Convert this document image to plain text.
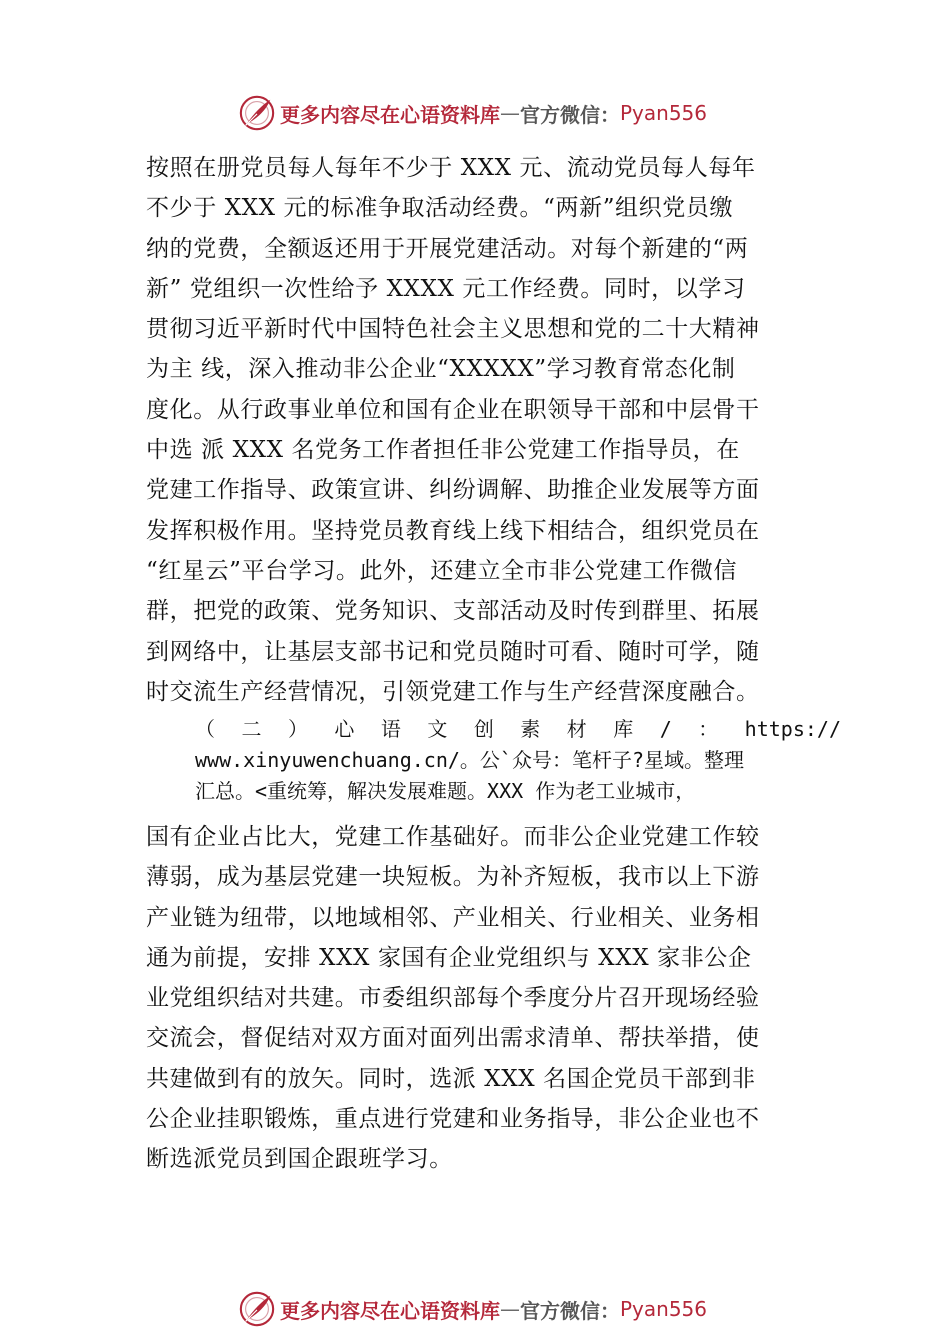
更多内容尽在心语资料库 — 官方微信： Pyan556

按照在册党员每人每年不少于 XXX 元、流动党员每人每年

不少于 XXX 元的标准争取活动经费。“两新”组织党员缴

纳的党费，全额返还用于开展党建活动。对每个新建的“两

新” 党组织一次性给予 XXXX 元工作经费。同时，以学习

贯彻习近平新时代中国特色社会主义思想和党的二十大精神

为主 线，深入推动非公企业“XXXXX”学习教育常态化制

度化。从行政事业单位和国有企业在职领导干部和中层骨干

中选 派 XXX 名党务工作者担任非公党建工作指导员，在

党建工作指导、政策宣讲、纠纷调解、助推企业发展等方面

发挥积极作用。坚持党员教育线上线下相结合，组织党员在

“红星云”平台学习。此外，还建立全市非公党建工作微信

群，把党的政策、党务知识、支部活动及时传到群里、拓展

到网络中，让基层支部书记和党员随时可看、随时可学，随

时交流生产经营情况，引领党建工作与生产经营深度融合。

（ 二 ） 心 语 文 创 素 材 库 / ： https://

www.xinyuwenchuang.cn/。公`众号：笔杆子?星域。整理

汇总。<重统筹，解决发展难题。XXX 作为老工业城市，

国有企业占比大，党建工作基础好。而非公企业党建工作较

薄弱，成为基层党建一块短板。为补齐短板，我市以上下游

产业链为纽带，以地域相邻、产业相关、行业相关、业务相

通为前提，安排 XXX 家国有企业党组织与 XXX 家非公企

业党组织结对共建。市委组织部每个季度分片召开现场经验

交流会，督促结对双方面对面列出需求清单、帮扶举措，使

共建做到有的放矢。同时，选派 XXX 名国企党员干部到非

公企业挂职锻炼，重点进行党建和业务指导，非公企业也不

断选派党员到国企跟班学习。

更多内容尽在心语资料库 — 官方微信： Pyan556
